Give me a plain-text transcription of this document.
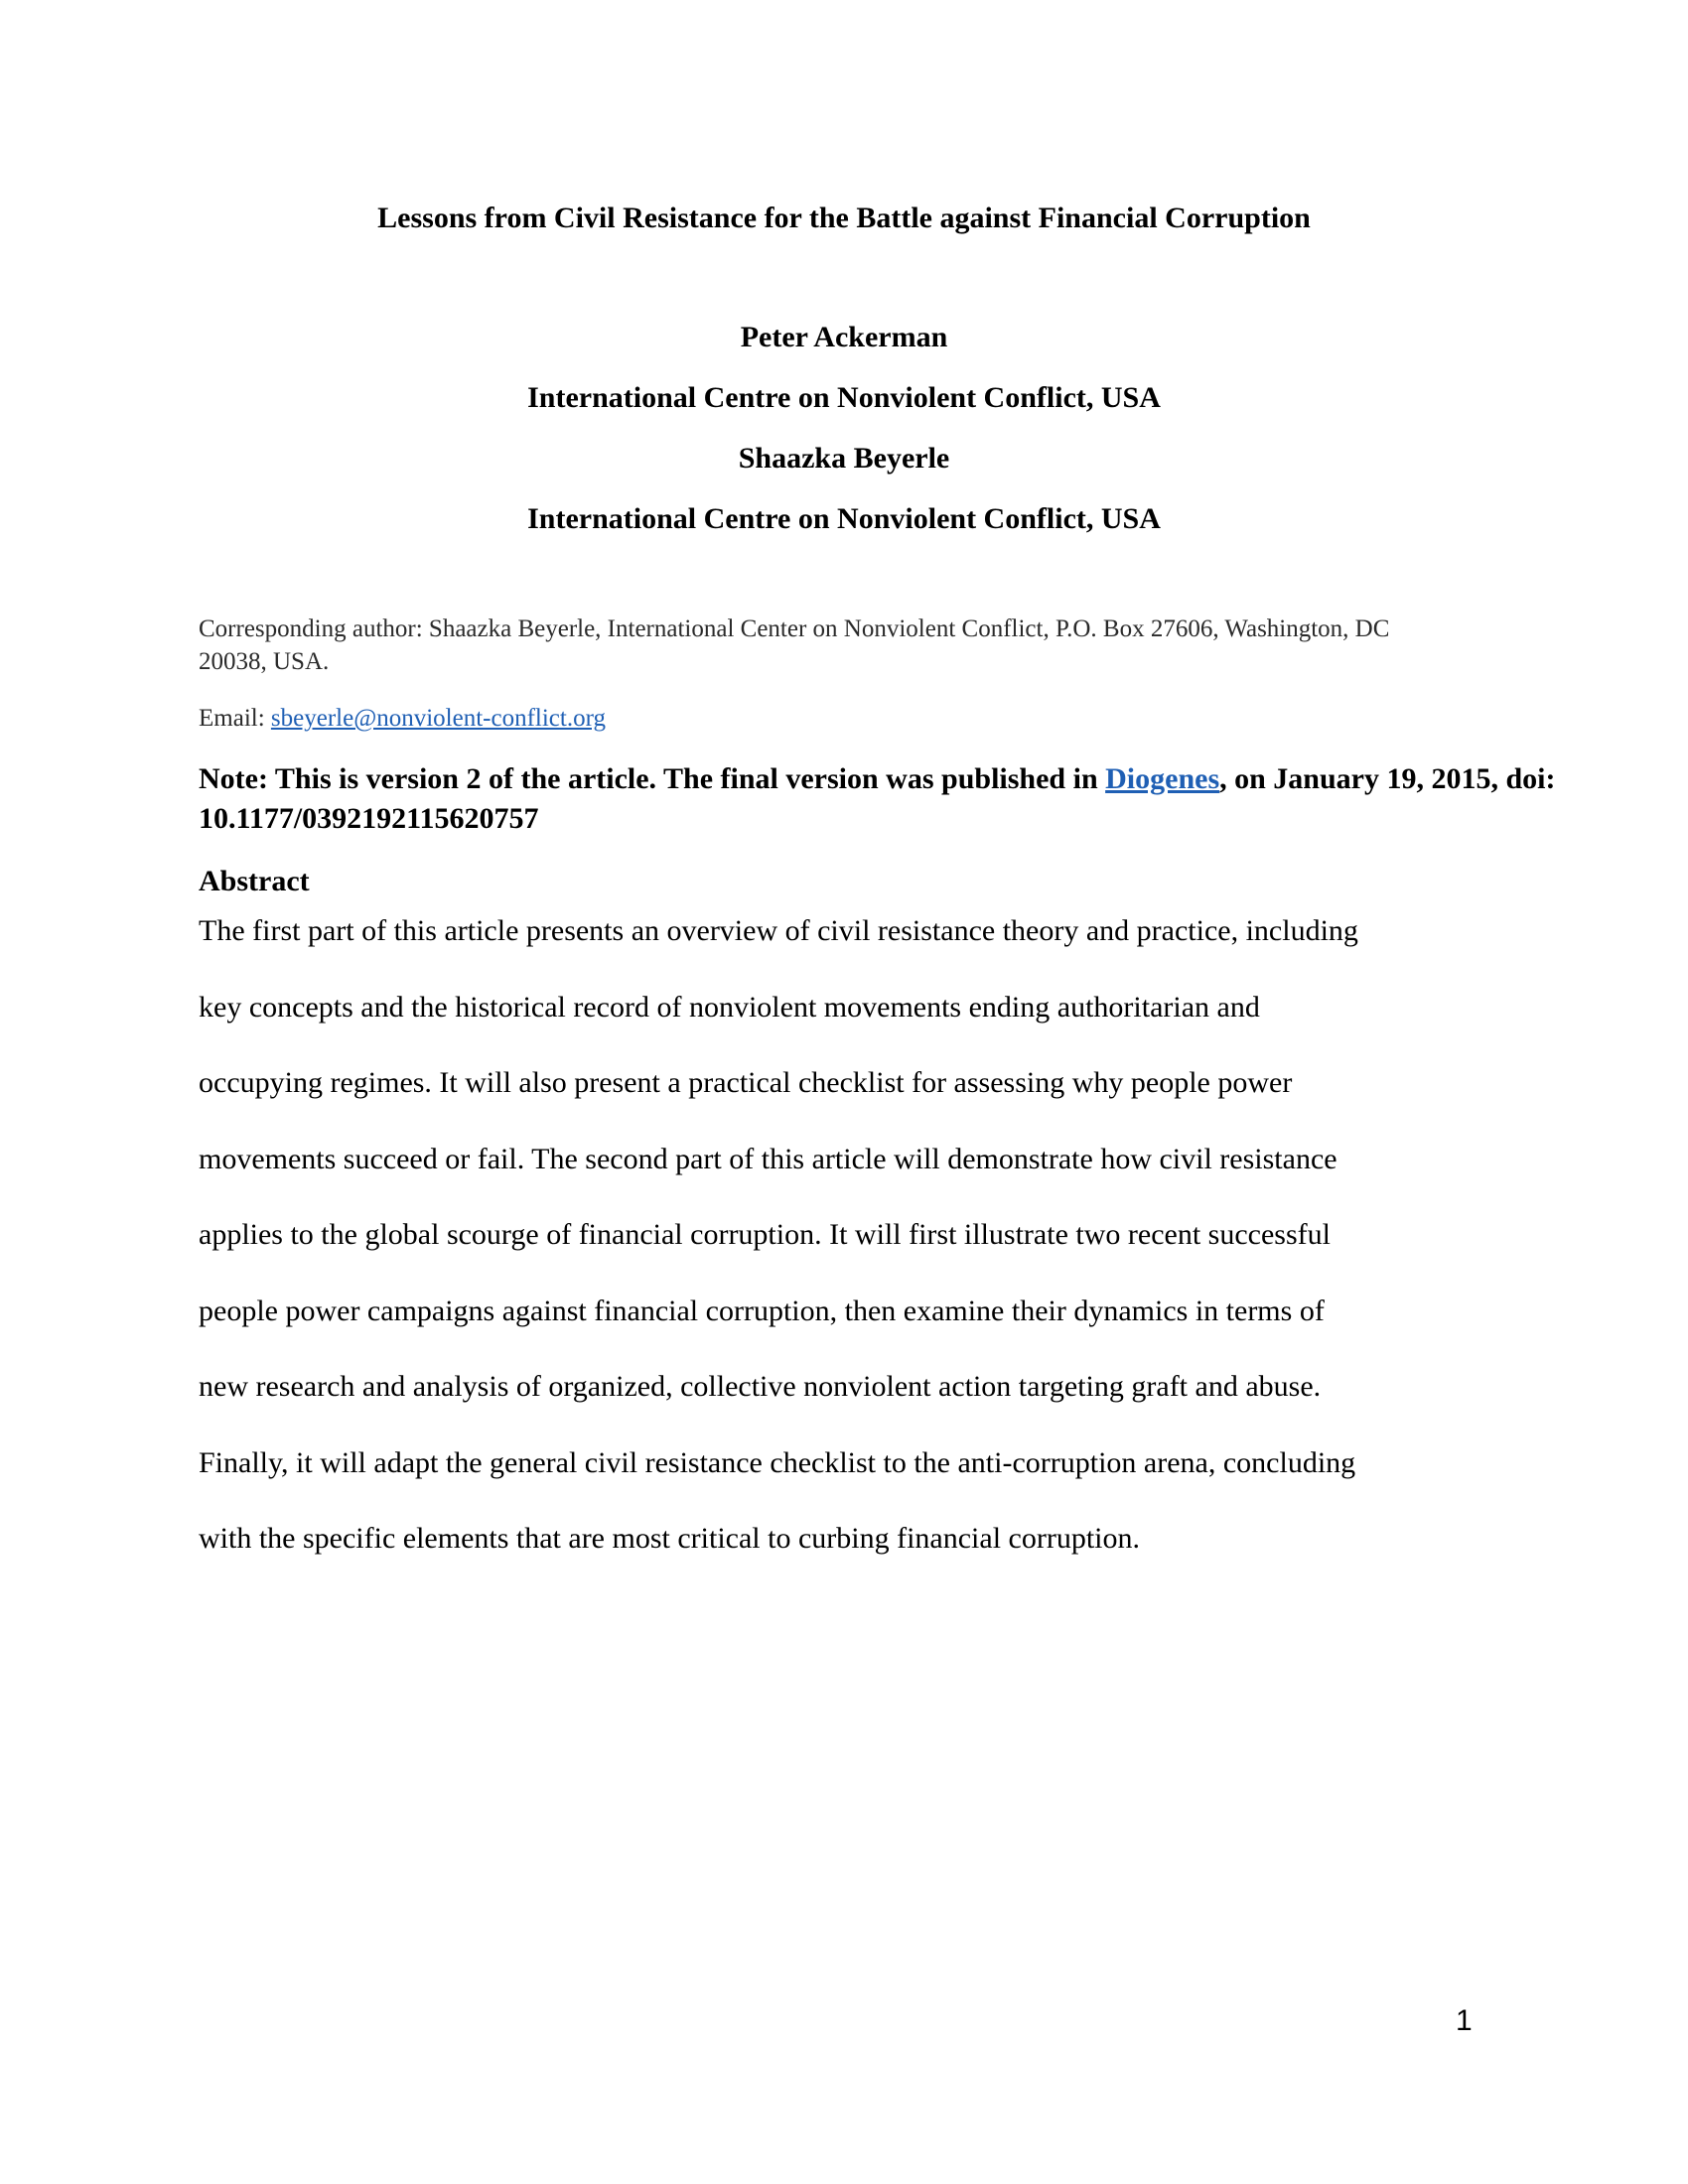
Lessons from Civil Resistance for the Battle against Financial Corruption
Peter Ackerman
International Centre on Nonviolent Conflict, USA
Shaazka Beyerle
International Centre on Nonviolent Conflict, USA
Corresponding author: Shaazka Beyerle, International Center on Nonviolent Conflict, P.O. Box 27606, Washington, DC 20038, USA.
Email: sbeyerle@nonviolent-conflict.org
Note: This is version 2 of the article. The final version was published in Diogenes, on January 19, 2015, doi: 10.1177/0392192115620757
Abstract
The first part of this article presents an overview of civil resistance theory and practice, including
key concepts and the historical record of nonviolent movements ending authoritarian and
occupying regimes. It will also present a practical checklist for assessing why people power
movements succeed or fail. The second part of this article will demonstrate how civil resistance
applies to the global scourge of financial corruption. It will first illustrate two recent successful
people power campaigns against financial corruption, then examine their dynamics in terms of
new research and analysis of organized, collective nonviolent action targeting graft and abuse.
Finally, it will adapt the general civil resistance checklist to the anti-corruption arena, concluding
with the specific elements that are most critical to curbing financial corruption.
1
